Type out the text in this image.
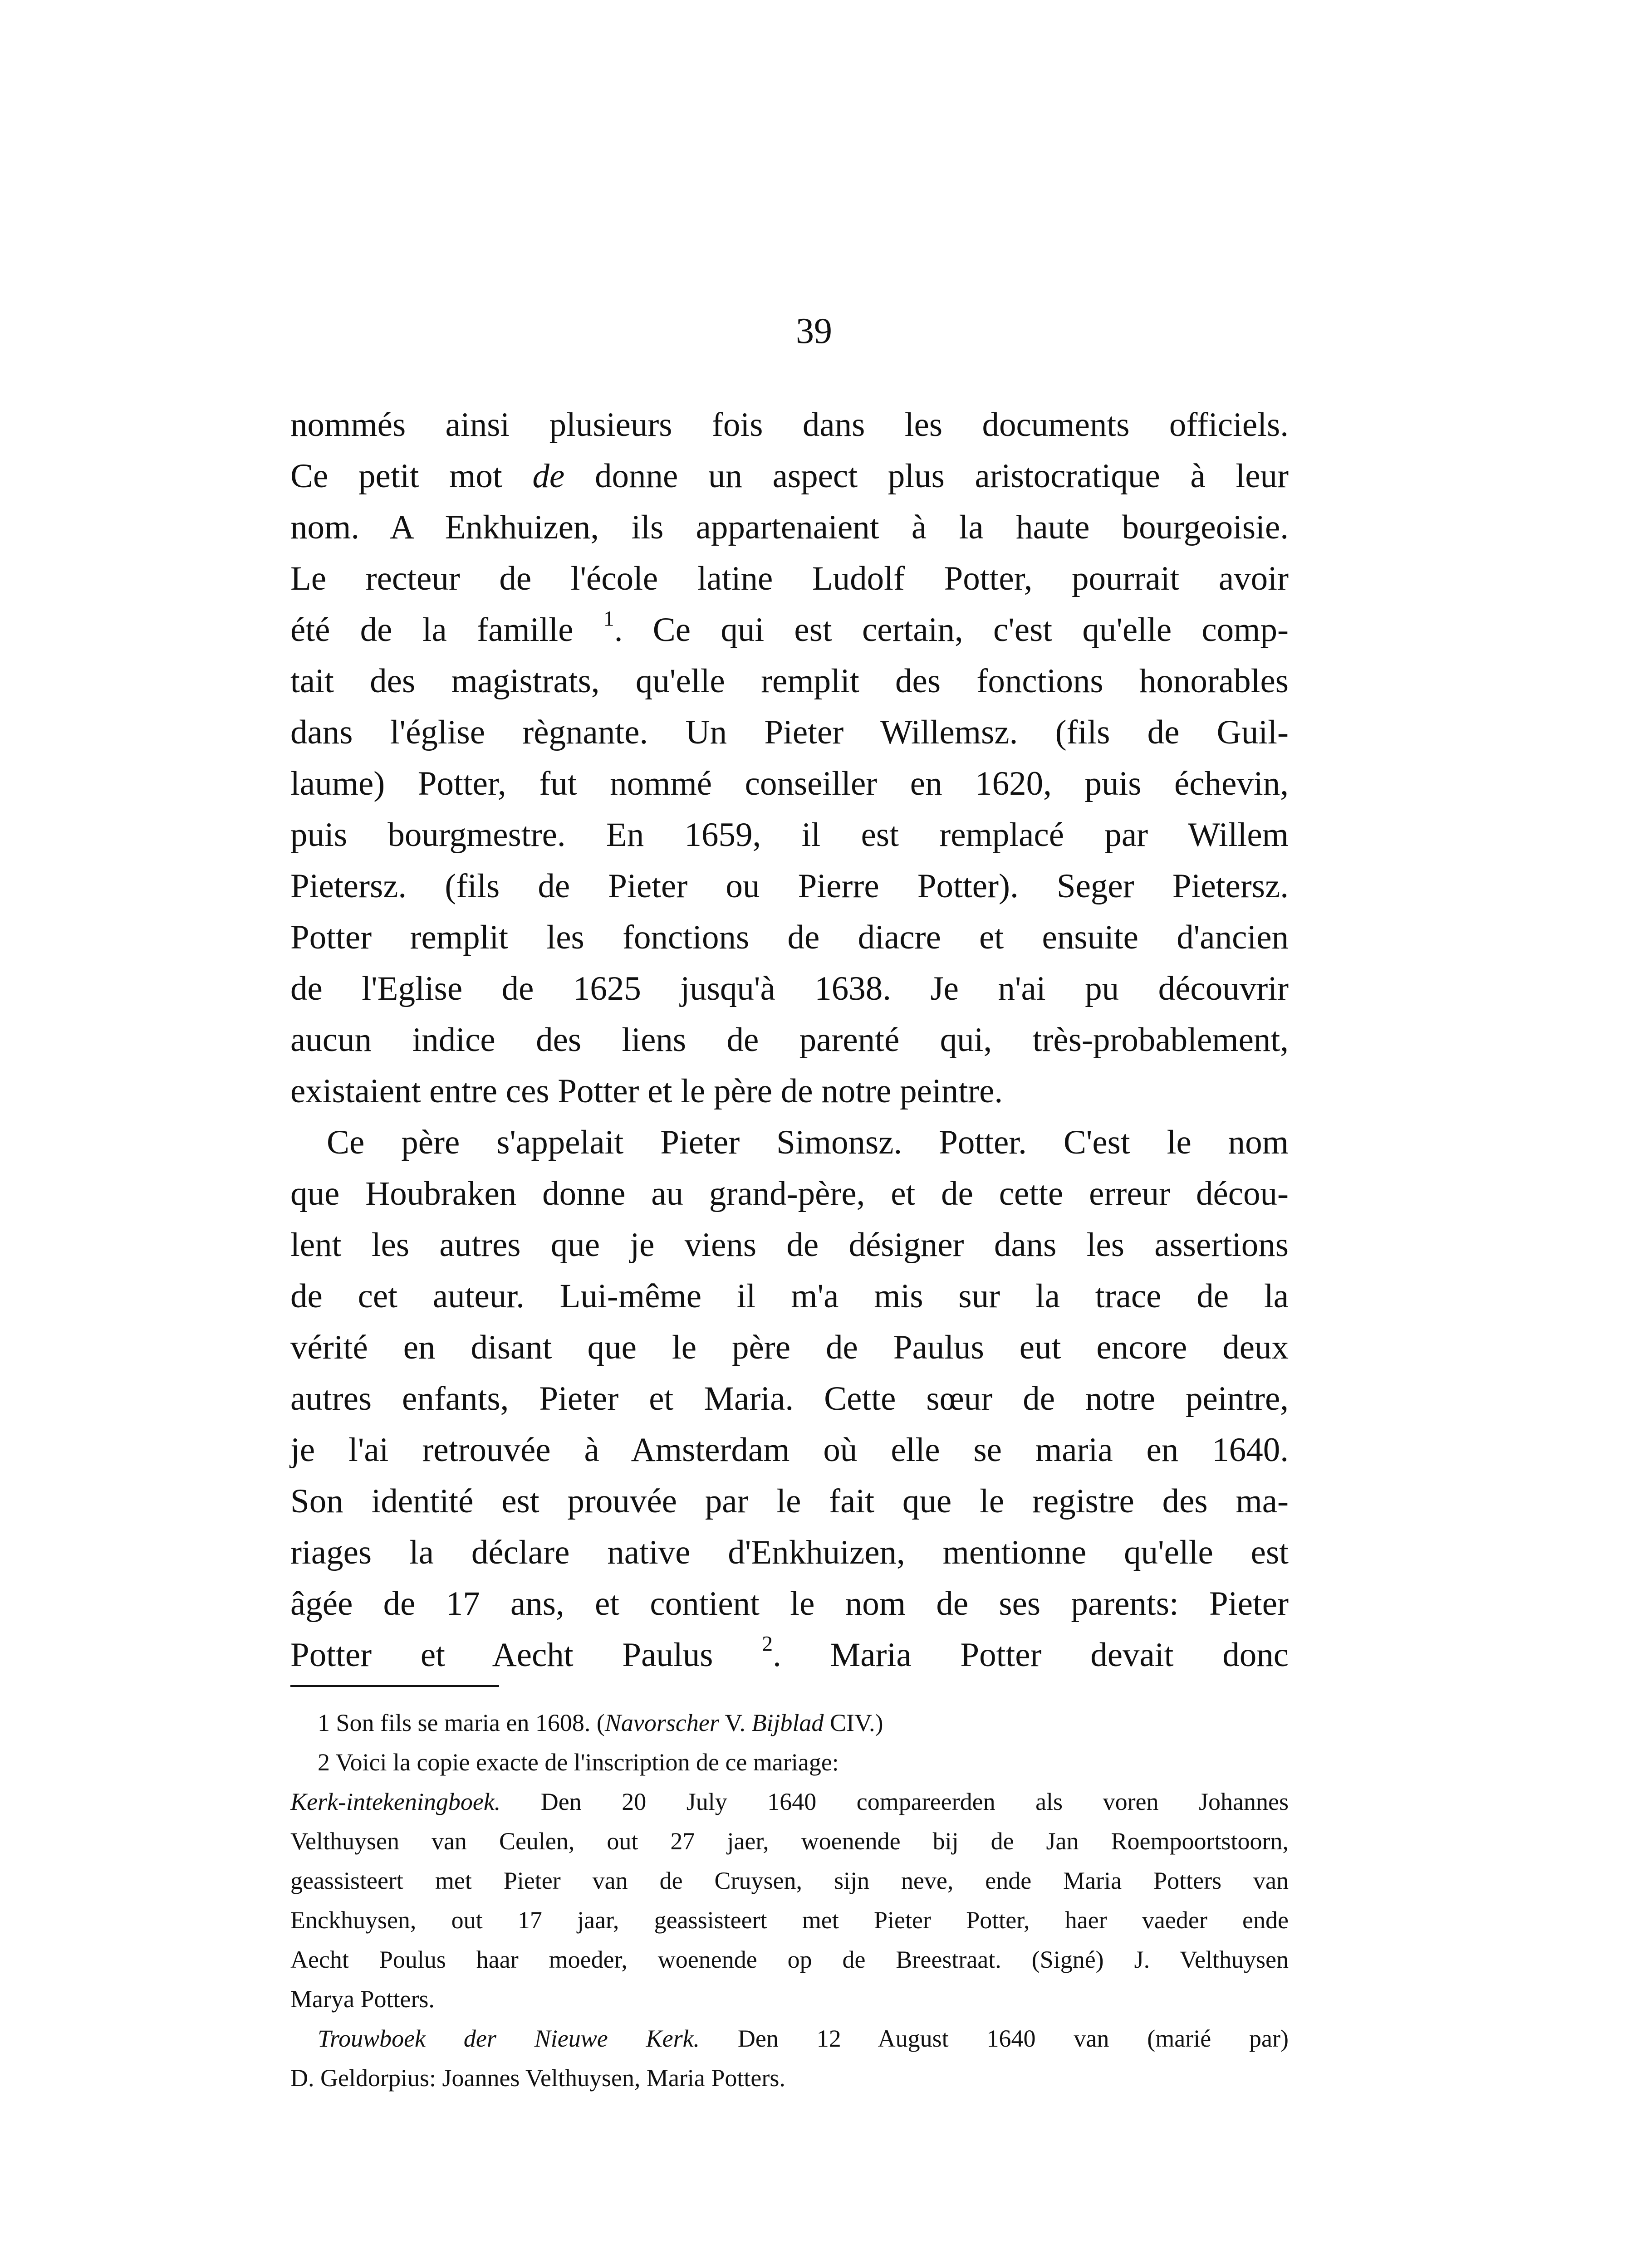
39

nommés ainsi plusieurs fois dans les documents officiels.

Ce petit mot de donne un aspect plus aristocratique à leur

nom. A Enkhuizen, ils appartenaient à la haute bourgeoisie.

Le recteur de l'école latine Ludolf Potter, pourrait avoir

été de la famille $^1$. Ce qui est certain, c'est qu'elle comp-

tait des magistrats, qu'elle remplit des fonctions honorables

dans l'église règnante. Un Pieter Willemsz. (fils de Guil-

laume) Potter, fut nommé conseiller en 1620, puis échevin,

puis bourgmestre. En 1659, il est remplacé par Willem

Pietersz. (fils de Pieter ou Pierre Potter). Seger Pietersz.

Potter remplit les fonctions de diacre et ensuite d'ancien

de l'Eglise de 1625 jusqu'à 1638. Je n'ai pu découvrir

aucun indice des liens de parenté qui, très-probablement,

existaient entre ces Potter et le père de notre peintre.

Ce père s'appelait Pieter Simonsz. Potter. C'est le nom

que Houbraken donne au grand-père, et de cette erreur décou-

lent les autres que je viens de désigner dans les assertions

de cet auteur. Lui-même il m'a mis sur la trace de la

vérité en disant que le père de Paulus eut encore deux

autres enfants, Pieter et Maria. Cette sœur de notre peintre,

je l'ai retrouvée à Amsterdam où elle se maria en 1640.

Son identité est prouvée par le fait que le registre des ma-

riages la déclare native d'Enkhuizen, mentionne qu'elle est

âgée de 17 ans, et contient le nom de ses parents: Pieter

Potter et Aecht Paulus $^2$. Maria Potter devait donc

1 Son fils se maria en 1608. (Navorscher V. Bijblad CIV.)

2 Voici la copie exacte de l'inscription de ce mariage:

Kerk-intekeningboek. Den 20 July 1640 compareerden als voren Johannes

Velthuysen van Ceulen, out 27 jaer, woenende bij de Jan Roempoortstoorn,

geassisteert met Pieter van de Cruysen, sijn neve, ende Maria Potters van

Enckhuysen, out 17 jaar, geassisteert met Pieter Potter, haer vaeder ende

Aecht Poulus haar moeder, woenende op de Breestraat. (Signé) J. Velthuysen

Marya Potters.

Trouwboek der Nieuwe Kerk. Den 12 August 1640 van (marié par)

D. Geldorpius: Joannes Velthuysen, Maria Potters.
